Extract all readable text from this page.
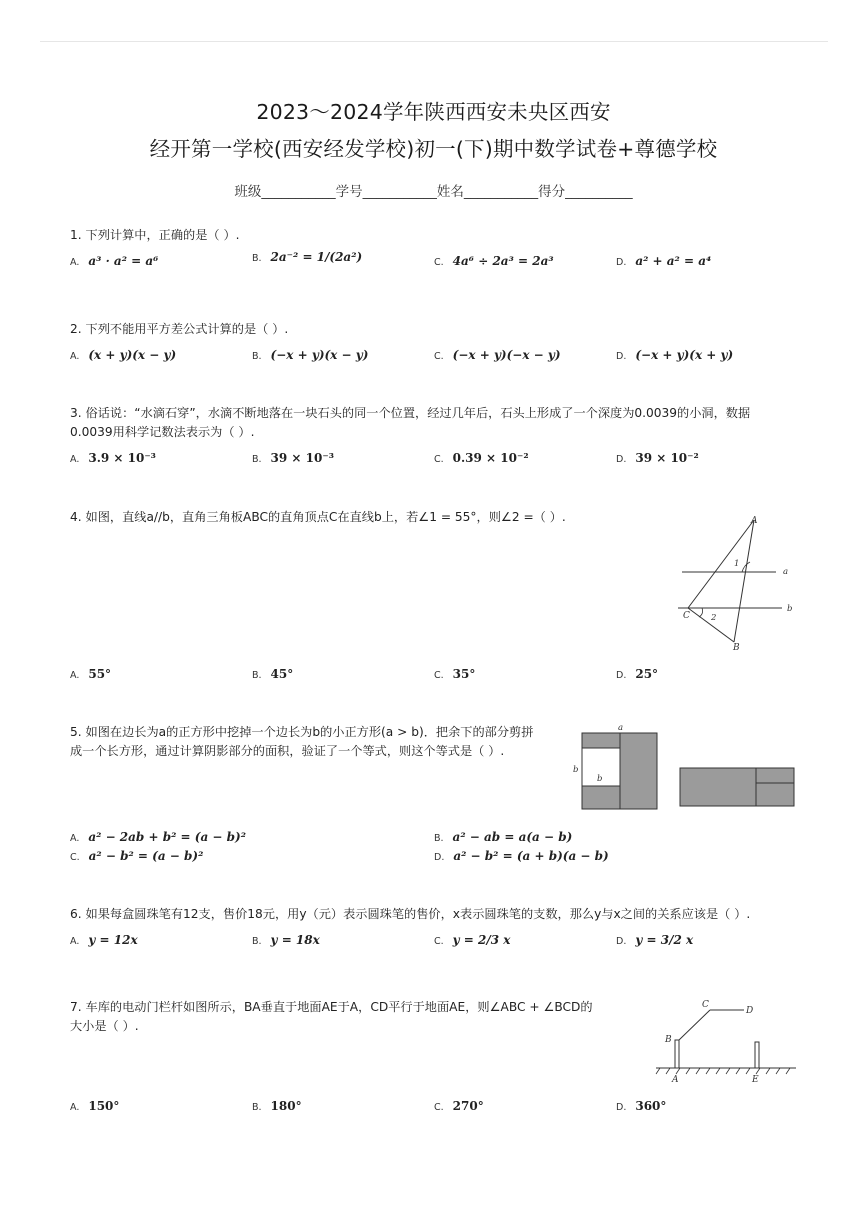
2023～2024学年陕西西安未央区西安
经开第一学校(西安经发学校)初一(下)期中数学试卷+尊德学校
班级___________学号___________姓名___________得分__________
1. 下列计算中，正确的是（ ）.
A. a³ · a² = a⁶	B. 2a⁻² = 1/(2a²)	C. 4a⁶ ÷ 2a³ = 2a³	D. a² + a² = a⁴
2. 下列不能用平方差公式计算的是（ ）.
A. (x + y)(x − y)	B. (−x + y)(x − y)	C. (−x + y)(−x − y)	D. (−x + y)(x + y)
3. 俗话说：“水滴石穿”，水滴不断地落在一块石头的同一个位置，经过几年后，石头上形成了一个深度为0.0039的小洞，数据
0.0039用科学记数法表示为（ ）.
A. 3.9 × 10⁻³	B. 39 × 10⁻³	C. 0.39 × 10⁻²	D. 39 × 10⁻²
4. 如图，直线a//b，直角三角板ABC的直角顶点C在直线b上，若∠1 = 55°，则∠2 =（ ）.	A
1
a
b
C 2
B
A. 55°	B. 45°	C. 35°	D. 25°
5. 如图在边长为a的正方形中挖掉一个边长为b的小正方形(a > b)．把余下的部分剪拼
成一个长方形，通过计算阴影部分的面积，验证了一个等式，则这个等式是（ ）.
a
b
b
A. a² − 2ab + b² = (a − b)²	B. a² − ab = a(a − b)
C. a² − b² = (a − b)²	D. a² − b² = (a + b)(a − b)
6. 如果每盒圆珠笔有12支，售价18元，用y（元）表示圆珠笔的售价，x表示圆珠笔的支数，那么y与x之间的关系应该是（ ）.
A. y = 12x	B. y = 18x	C. y = 2/3 x	D. y = 3/2 x
7. 车库的电动门栏杆如图所示，BA垂直于地面AE于A，CD平行于地面AE，则∠ABC + ∠BCD的
大小是（ ）.
C
D
B
A	E
A. 150°	B. 180°	C. 270°	D. 360°
